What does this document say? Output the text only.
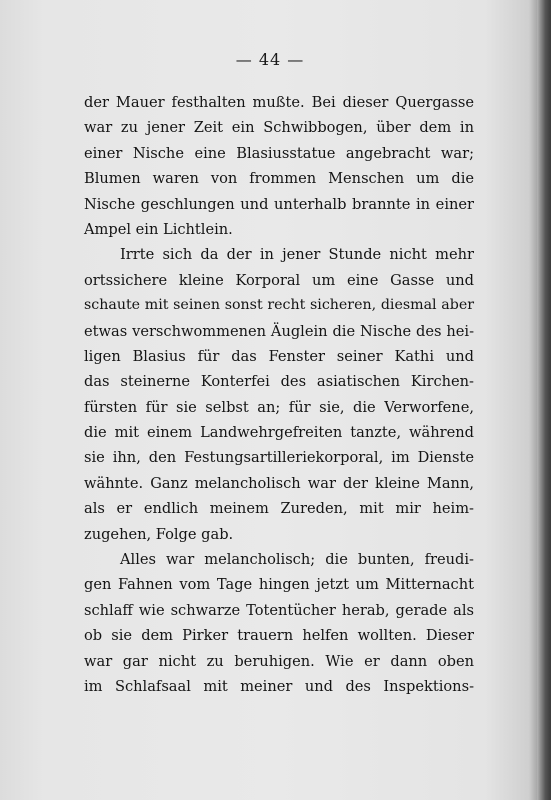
— 44 —
der Mauer festhalten mußte. Bei dieser Quergasse
war zu jener Zeit ein Schwibbogen, über dem in
einer Nische eine Blasiusstatue angebracht war;
Blumen waren von frommen Menschen um die
Nische geschlungen und unterhalb brannte in einer
Ampel ein Lichtlein.
Irrte sich da der in jener Stunde nicht mehr
ortssichere kleine Korporal um eine Gasse und
schaute mit seinen sonst recht sicheren, diesmal aber
etwas verschwommenen Äuglein die Nische des hei-
ligen Blasius für das Fenster seiner Kathi und
das steinerne Konterfei des asiatischen Kirchen-
fürsten für sie selbst an; für sie, die Verworfene,
die mit einem Landwehrgefreiten tanzte, während
sie ihn, den Festungsartilleriekorporal, im Dienste
wähnte. Ganz melancholisch war der kleine Mann,
als er endlich meinem Zureden, mit mir heim-
zugehen, Folge gab.
Alles war melancholisch; die bunten, freudi-
gen Fahnen vom Tage hingen jetzt um Mitternacht
schlaff wie schwarze Totentücher herab, gerade als
ob sie dem Pirker trauern helfen wollten. Dieser
war gar nicht zu beruhigen. Wie er dann oben
im Schlafsaal mit meiner und des Inspektions-
